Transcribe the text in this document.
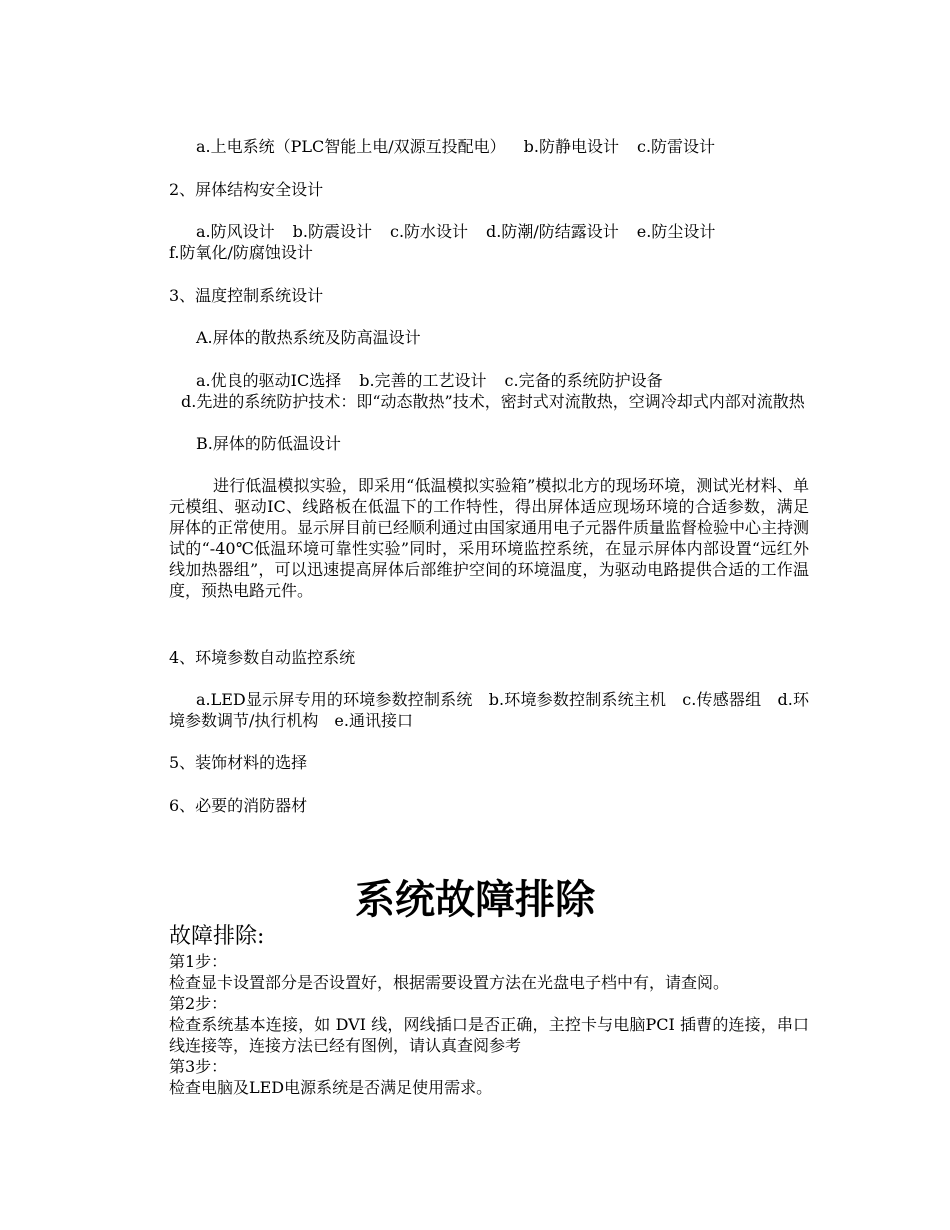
a.上电系统（PLC智能上电/双源互投配电） b.防静电设计 c.防雷设计

2、屏体结构安全设计

a.防风设计 b.防震设计 c.防水设计 d.防潮/防结露设计 e.防尘设计

f.防氧化/防腐蚀设计

3、温度控制系统设计

A.屏体的散热系统及防高温设计

a.优良的驱动IC选择 b.完善的工艺设计 c.完备的系统防护设备

d.先进的系统防护技术：即“动态散热”技术，密封式对流散热，空调冷却式内部对流散热

B.屏体的防低温设计

进行低温模拟实验，即采用“低温模拟实验箱”模拟北方的现场环境，测试光材料、单元模组、驱动IC、线路板在低温下的工作特性，得出屏体适应现场环境的合适参数，满足屏体的正常使用。显示屏目前已经顺利通过由国家通用电子元器件质量监督检验中心主持测试的“-40℃低温环境可靠性实验”同时，采用环境监控系统，在显示屏体内部设置“远红外线加热器组”，可以迅速提高屏体后部维护空间的环境温度，为驱动电路提供合适的工作温度，预热电路元件。

4、环境参数自动监控系统

a.LED显示屏专用的环境参数控制系统　b.环境参数控制系统主机　c.传感器组　d.环境参数调节/执行机构　e.通讯接口

5、装饰材料的选择

6、必要的消防器材

系统故障排除

故障排除:

第1步：

检查显卡设置部分是否设置好，根据需要设置方法在光盘电子档中有，请查阅。

第2步：

检查系统基本连接，如 DVI 线，网线插口是否正确，主控卡与电脑PCI 插曹的连接，串口线连接等，连接方法已经有图例，请认真查阅参考

第3步：

检查电脑及LED电源系统是否满足使用需求。
